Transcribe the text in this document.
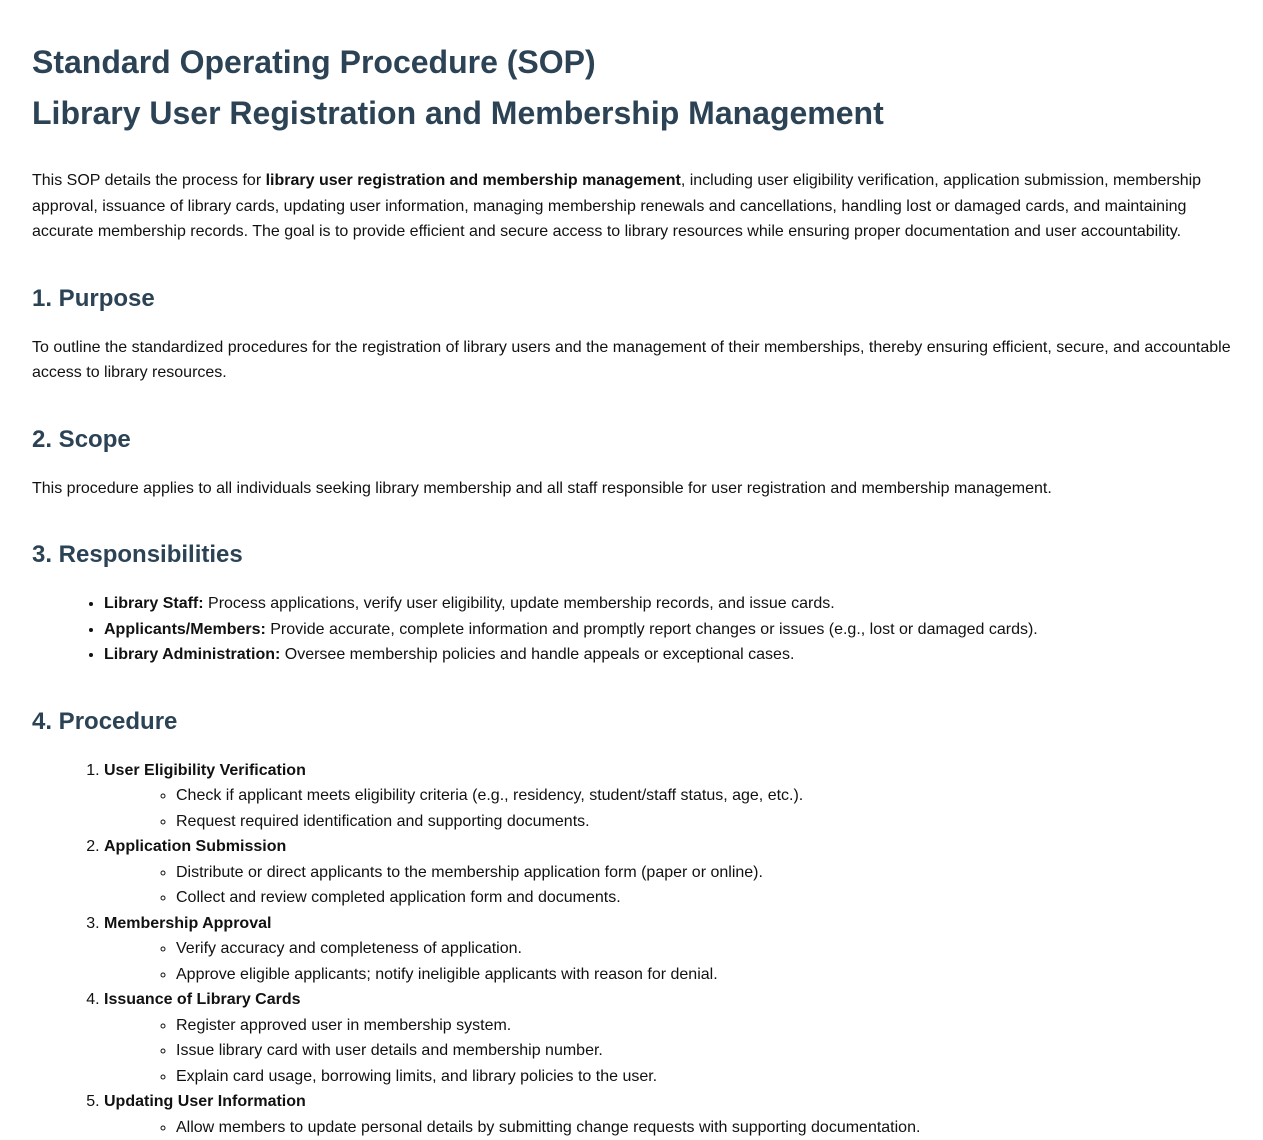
Standard Operating Procedure (SOP)
Library User Registration and Membership Management

This SOP details the process for library user registration and membership management, including user eligibility verification, application submission, membership approval, issuance of library cards, updating user information, managing membership renewals and cancellations, handling lost or damaged cards, and maintaining accurate membership records. The goal is to provide efficient and secure access to library resources while ensuring proper documentation and user accountability.

1. Purpose

To outline the standardized procedures for the registration of library users and the management of their memberships, thereby ensuring efficient, secure, and accountable access to library resources.

2. Scope

This procedure applies to all individuals seeking library membership and all staff responsible for user registration and membership management.

3. Responsibilities
• Library Staff: Process applications, verify user eligibility, update membership records, and issue cards.
• Applicants/Members: Provide accurate, complete information and promptly report changes or issues (e.g., lost or damaged cards).
• Library Administration: Oversee membership policies and handle appeals or exceptional cases.
4. Procedure
1. User Eligibility Verification
◦ Check if applicant meets eligibility criteria (e.g., residency, student/staff status, age, etc.).
◦ Request required identification and supporting documents.
2. Application Submission
◦ Distribute or direct applicants to the membership application form (paper or online).
◦ Collect and review completed application form and documents.
3. Membership Approval
◦ Verify accuracy and completeness of application.
◦ Approve eligible applicants; notify ineligible applicants with reason for denial.
4. Issuance of Library Cards
◦ Register approved user in membership system.
◦ Issue library card with user details and membership number.
◦ Explain card usage, borrowing limits, and library policies to the user.
5. Updating User Information
◦ Allow members to update personal details by submitting change requests with supporting documentation.
